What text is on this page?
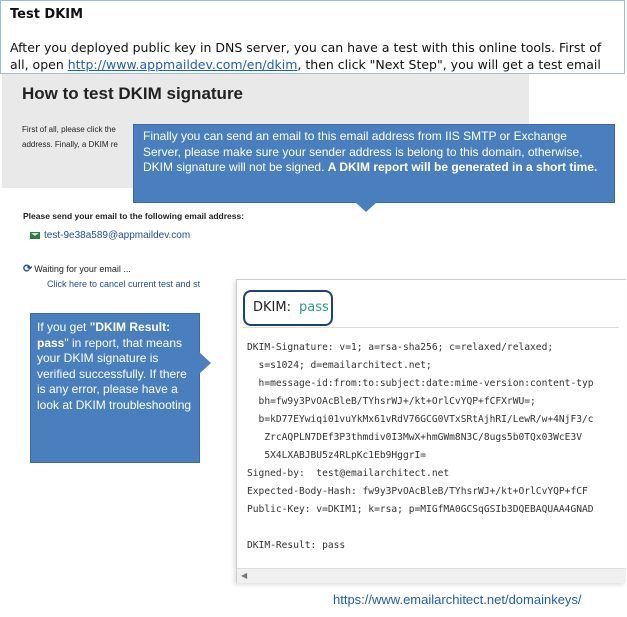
Test DKIM
After you deployed public key in DNS server, you can have a test with this online tools. First of all, open http://www.appmaildev.com/en/dkim, then click "Next Step", you will get a test email
How to test DKIM signature
First of all, please click the
address. Finally, a DKIM re
Finally you can send an email to this email address from IIS SMTP or Exchange Server, please make sure your sender address is belong to this domain, otherwise, DKIM signature will not be signed. A DKIM report will be generated in a short time.
Please send your email to the following email address:
test-9e38a589@appmaildev.com
⟳ Waiting for your email ...
Click here to cancel current test and st
DKIM: pass
DKIM-Signature: v=1; a=rsa-sha256; c=relaxed/relaxed;
s=s1024; d=emailarchitect.net;
h=message-id:from:to:subject:date:mime-version:content-typ
bh=fw9y3PvOAcBleB/TYhsrWJ+/kt+OrlCvYQP+fCFXrWU=;
b=kD77EYwiqi01vuYkMx61vRdV76GCG0VTxSRtAjhRI/LewR/w+4NjF3/c
ZrcAQPLN7DEf3P3thmdiv0I3MwX+hmGWm8N3C/8ugs5b0TQx03WcE3V
5X4LXABJBU5z4RLpKc1Eb9HggrI=
Signed-by:  test@emailarchitect.net
Expected-Body-Hash: fw9y3PvOAcBleB/TYhsrWJ+/kt+OrlCvYQP+fCF
Public-Key: v=DKIM1; k=rsa; p=MIGfMA0GCSqGSIb3DQEBAQUAA4GNAD
DKIM-Result: pass
◀
If you get "DKIM Result: pass" in report, that means your DKIM signature is verified successfully. If there is any error, please have a look at DKIM troubleshooting
https://www.emailarchitect.net/domainkeys/
